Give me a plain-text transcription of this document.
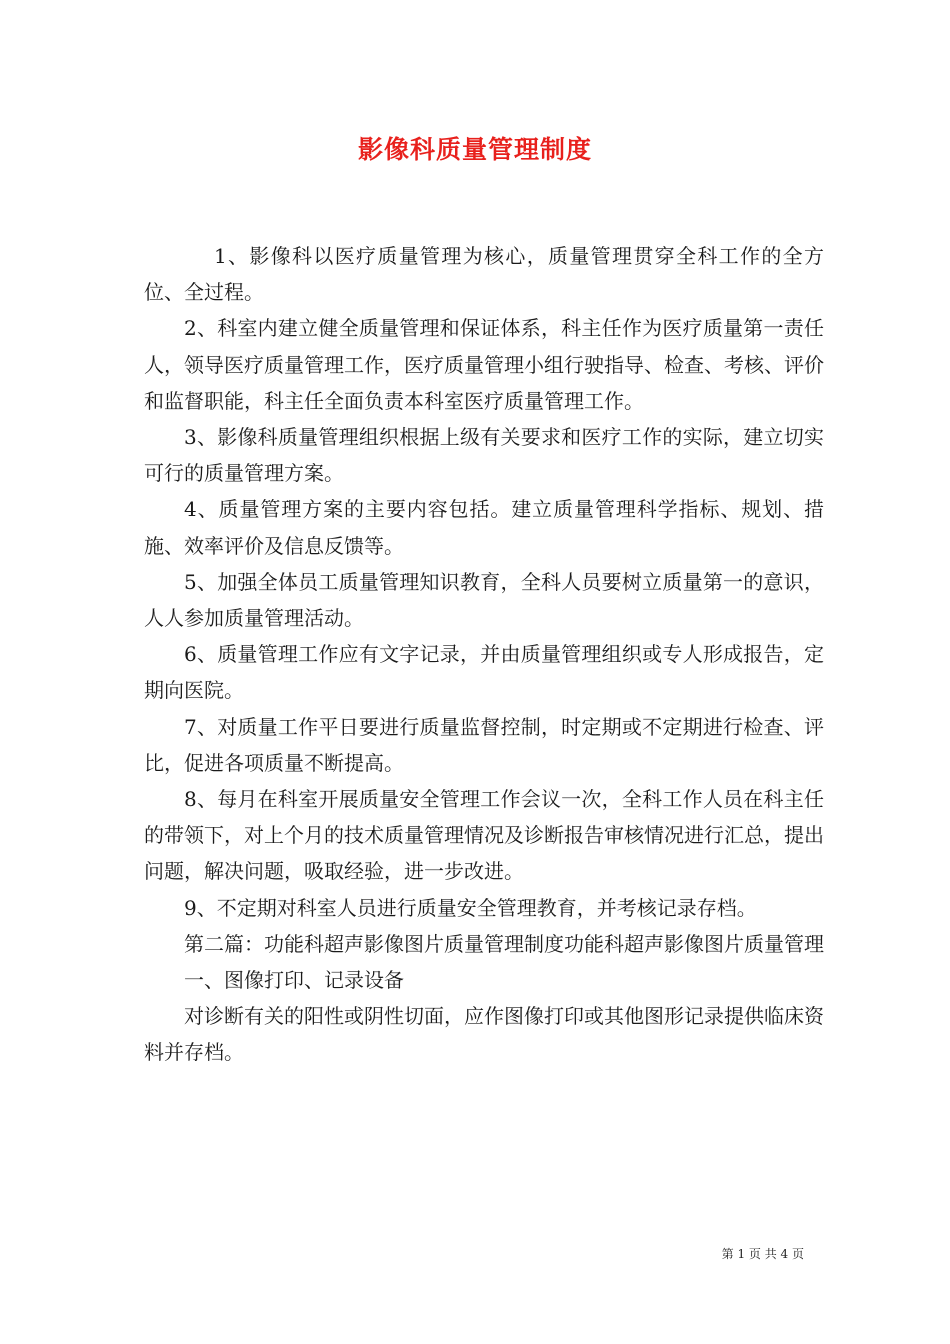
影像科质量管理制度

1、影像科以医疗质量管理为核心，质量管理贯穿全科工作的全方位、全过程。

2、科室内建立健全质量管理和保证体系，科主任作为医疗质量第一责任人，领导医疗质量管理工作，医疗质量管理小组行驶指导、检查、考核、评价和监督职能，科主任全面负责本科室医疗质量管理工作。

3、影像科质量管理组织根据上级有关要求和医疗工作的实际，建立切实可行的质量管理方案。

4、质量管理方案的主要内容包括。建立质量管理科学指标、规划、措施、效率评价及信息反馈等。

5、加强全体员工质量管理知识教育，全科人员要树立质量第一的意识，人人参加质量管理活动。

6、质量管理工作应有文字记录，并由质量管理组织或专人形成报告，定期向医院。

7、对质量工作平日要进行质量监督控制，时定期或不定期进行检查、评比，促进各项质量不断提高。

8、每月在科室开展质量安全管理工作会议一次，全科工作人员在科主任的带领下，对上个月的技术质量管理情况及诊断报告审核情况进行汇总，提出问题，解决问题，吸取经验，进一步改进。

9、不定期对科室人员进行质量安全管理教育，并考核记录存档。

第二篇：功能科超声影像图片质量管理制度功能科超声影像图片质量管理

一、图像打印、记录设备

对诊断有关的阳性或阴性切面，应作图像打印或其他图形记录提供临床资料并存档。

第 1 页 共 4 页
